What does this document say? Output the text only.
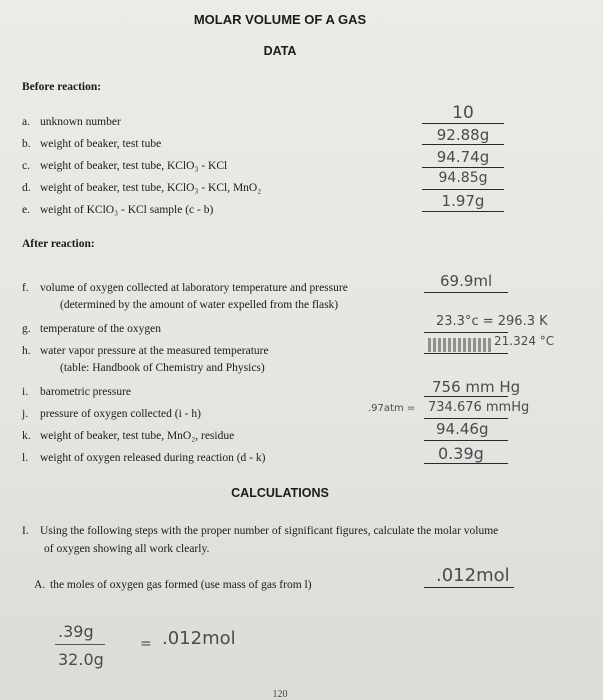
MOLAR VOLUME OF A GAS
DATA
Before reaction:
a. unknown number
b. weight of beaker, test tube
c. weight of beaker, test tube, KClO₃ - KCl
d. weight of beaker, test tube, KClO₃ - KCl, MnO₂
e. weight of KClO₃ - KCl sample (c - b)
10
92.88g
94.74g
94.85g
1.97g
After reaction:
f. volume of oxygen collected at laboratory temperature and pressure
(determined by the amount of water expelled from the flask)
g. temperature of the oxygen
h. water vapor pressure at the measured temperature
(table: Handbook of Chemistry and Physics)
i. barometric pressure
j. pressure of oxygen collected (i - h)
k. weight of beaker, test tube, MnO₂, residue
l. weight of oxygen released during reaction (d - k)
69.9ml
23.3°c = 296.3 K
21.324 °C
756 mm Hg
.97atm = 734.676 mmHg
94.46g
0.39g
CALCULATIONS
I. Using the following steps with the proper number of significant figures, calculate the molar volume
of oxygen showing all work clearly.
A. the moles of oxygen gas formed (use mass of gas from l)	.012mol
.39g
32.0g
= .012mol
120
